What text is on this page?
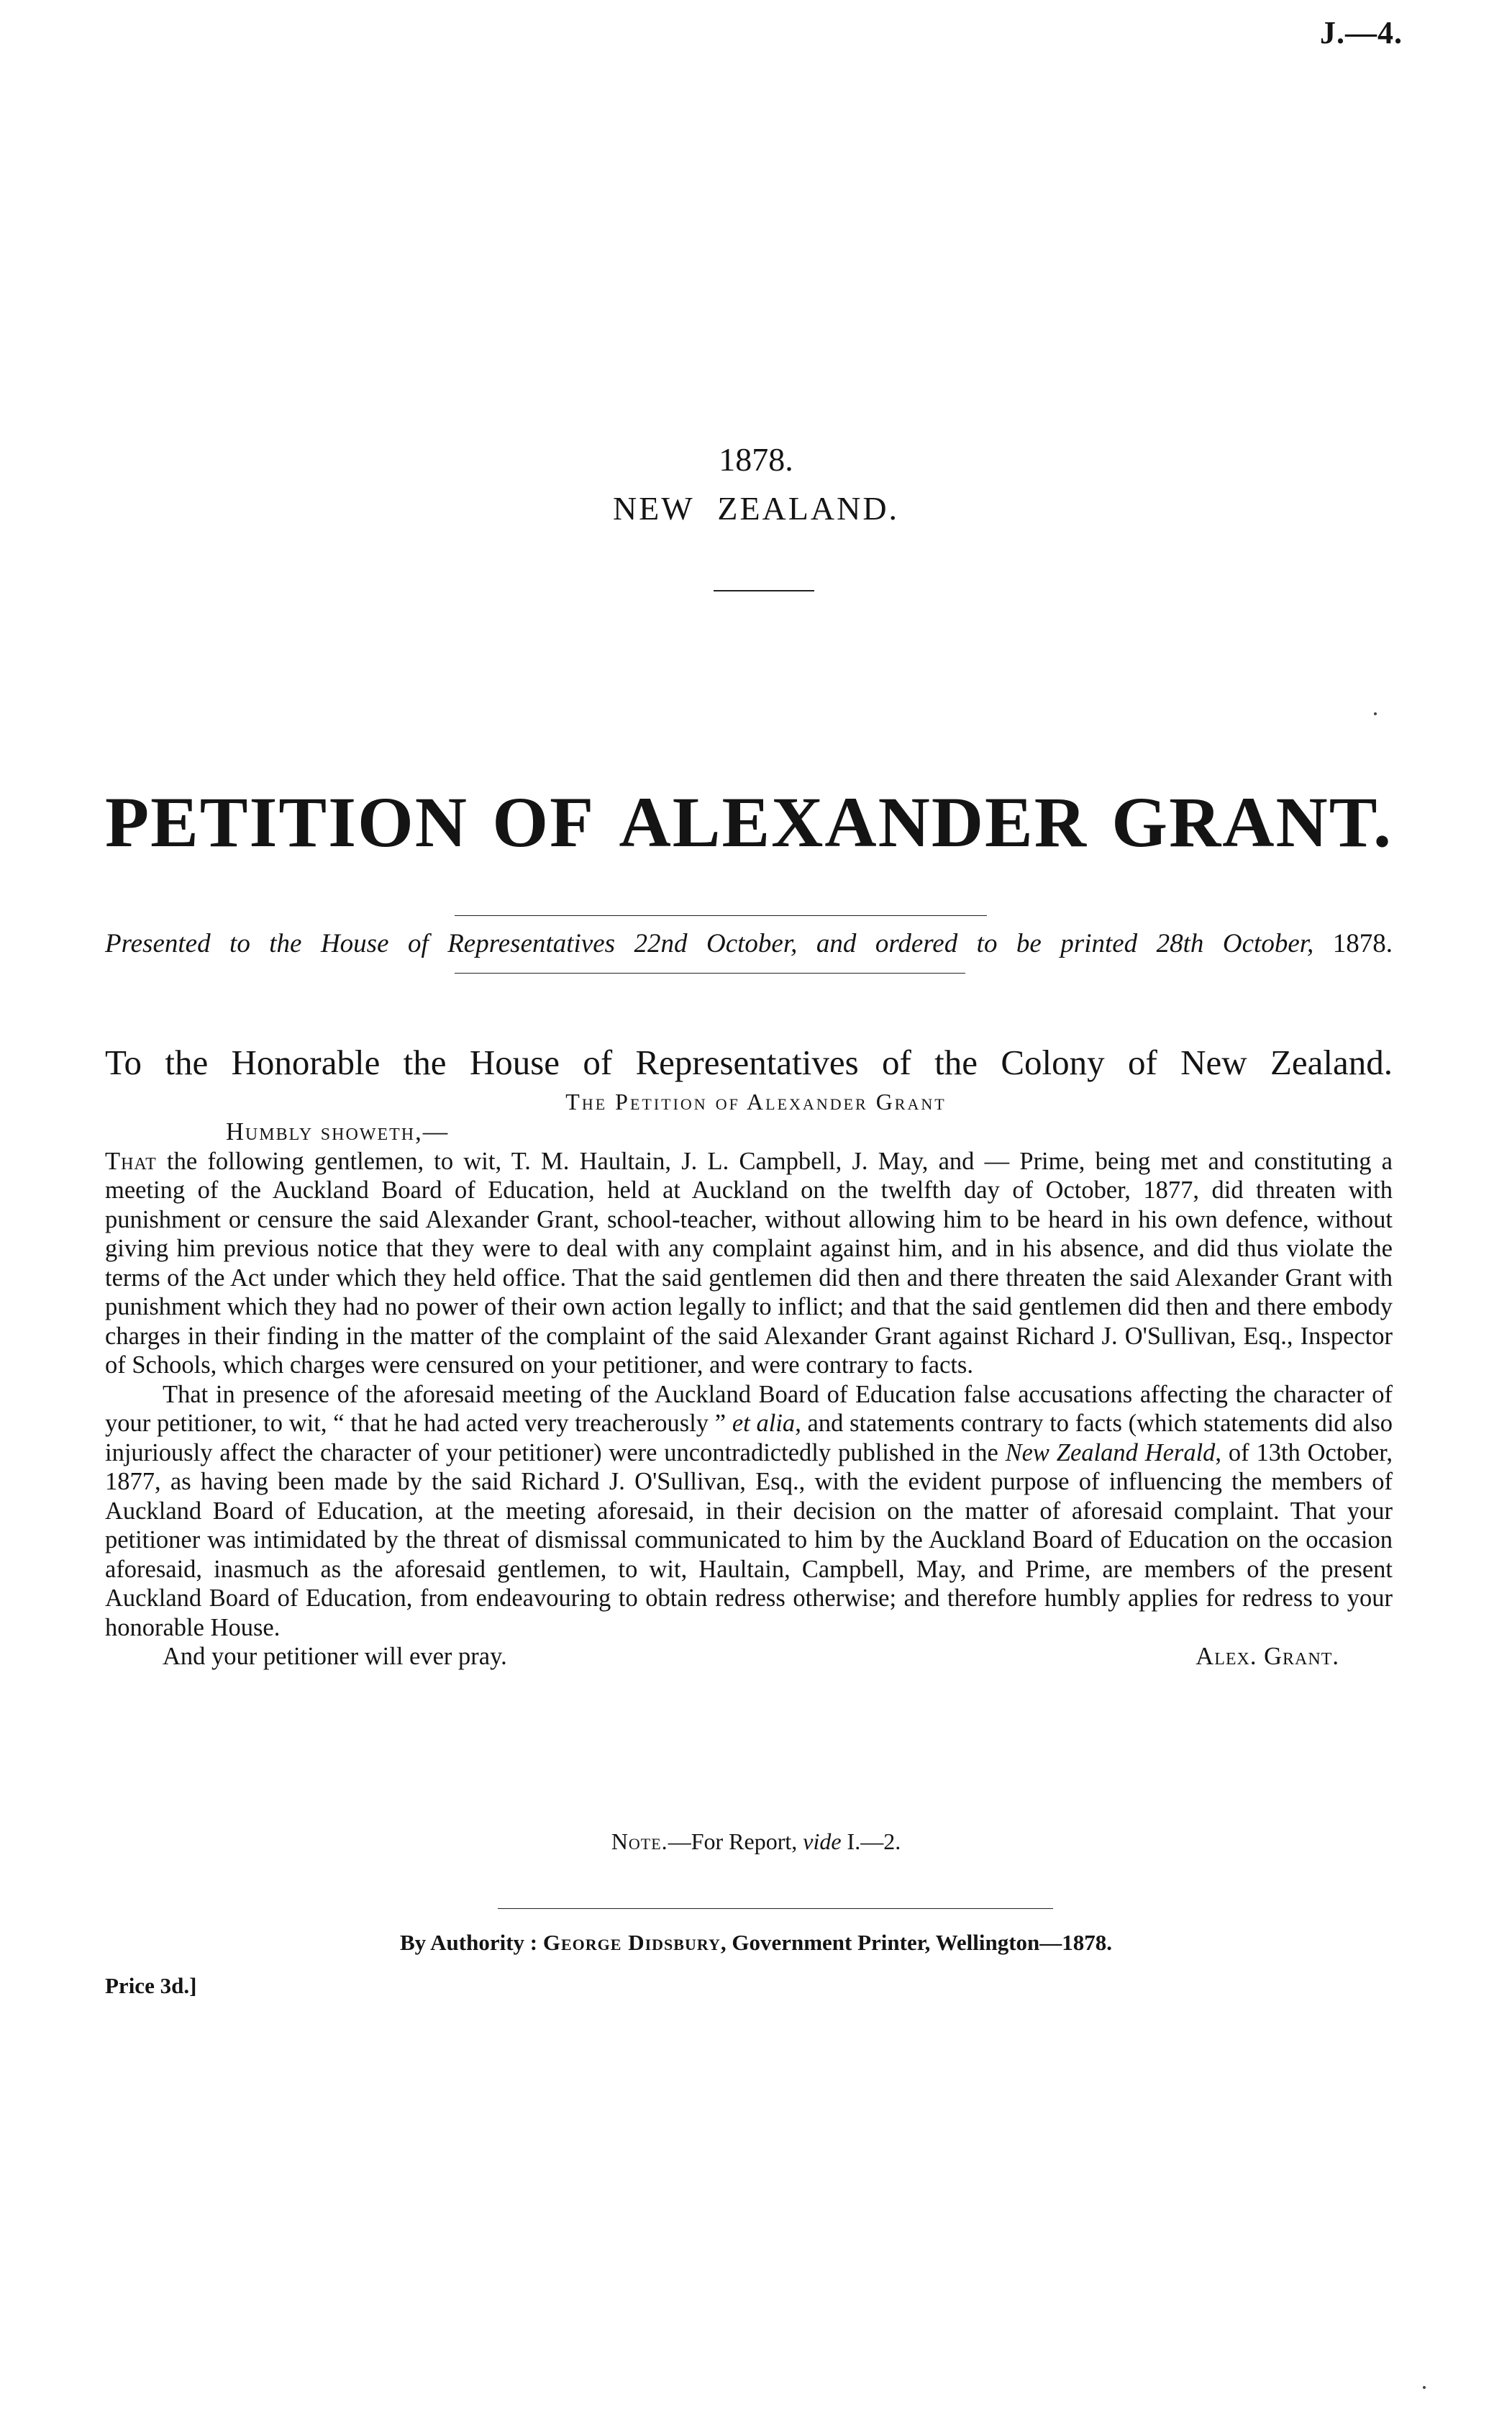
J.—4.
1878.
NEW ZEALAND.
PETITION OF ALEXANDER GRANT.
Presented to the House of Representatives 22nd October, and ordered to be printed 28th October, 1878.
To the Honorable the House of Representatives of the Colony of New Zealand.
The Petition of Alexander Grant

Humbly showeth,—

That the following gentlemen, to wit, T. M. Haultain, J. L. Campbell, J. May, and — Prime, being met and constituting a meeting of the Auckland Board of Education, held at Auckland on the twelfth day of October, 1877, did threaten with punishment or censure the said Alexander Grant, school-teacher, without allowing him to be heard in his own defence, without giving him previous notice that they were to deal with any complaint against him, and in his absence, and did thus violate the terms of the Act under which they held office. That the said gentlemen did then and there threaten the said Alexander Grant with punishment which they had no power of their own action legally to inflict; and that the said gentlemen did then and there embody charges in their finding in the matter of the complaint of the said Alexander Grant against Richard J. O'Sullivan, Esq., Inspector of Schools, which charges were censured on your petitioner, and were contrary to facts.

That in presence of the aforesaid meeting of the Auckland Board of Education false accusations affecting the character of your petitioner, to wit, “ that he had acted very treacherously ” et alia, and statements contrary to facts (which statements did also injuriously affect the character of your petitioner) were uncontradictedly published in the New Zealand Herald, of 13th October, 1877, as having been made by the said Richard J. O'Sullivan, Esq., with the evident purpose of influencing the members of Auckland Board of Education, at the meeting aforesaid, in their decision on the matter of aforesaid complaint. That your petitioner was intimidated by the threat of dismissal communicated to him by the Auckland Board of Education on the occasion aforesaid, inasmuch as the aforesaid gentlemen, to wit, Haultain, Campbell, May, and Prime, are members of the present Auckland Board of Education, from endeavouring to obtain redress otherwise; and therefore humbly applies for redress to your honorable House.

And your petitioner will ever pray.	Alex. Grant.

Note.—For Report, vide I.—2.
By Authority : George Didsbury, Government Printer, Wellington—1878.
Price 3d.]
